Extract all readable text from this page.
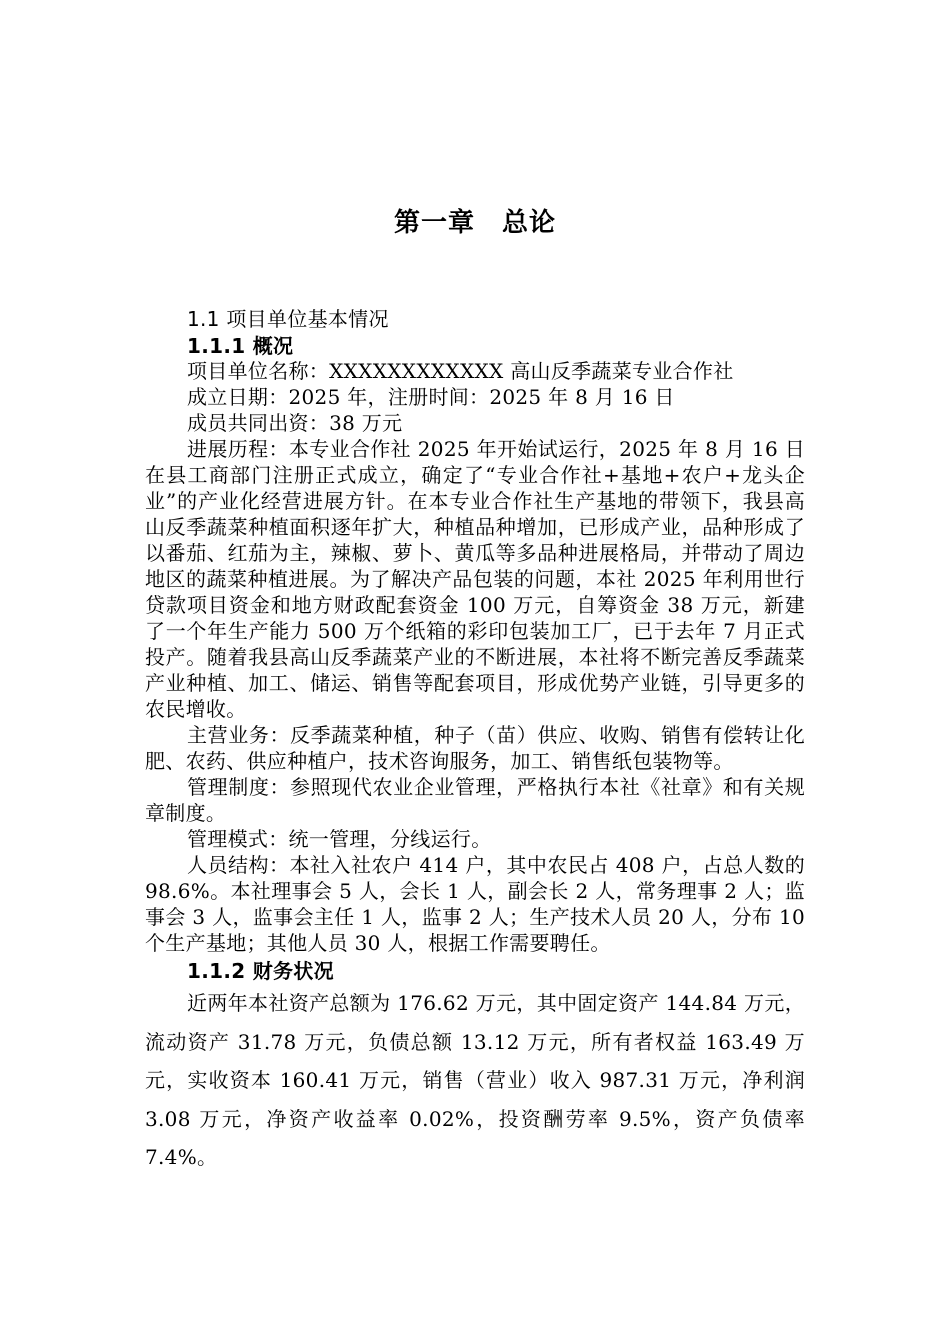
第一章　总论

1.1 项目单位基本情况

1.1.1 概况

项目单位名称：XXXXXXXXXXXX 高山反季蔬菜专业合作社

成立日期：2025 年，注册时间：2025 年 8 月 16 日

成员共同出资：38 万元

进展历程：本专业合作社 2025 年开始试运行，2025 年 8 月 16 日在县工商部门注册正式成立，确定了“专业合作社+基地+农户+龙头企业”的产业化经营进展方针。在本专业合作社生产基地的带领下，我县高山反季蔬菜种植面积逐年扩大，种植品种增加，已形成产业，品种形成了以番茄、红茄为主，辣椒、萝卜、黄瓜等多品种进展格局，并带动了周边地区的蔬菜种植进展。为了解决产品包装的问题，本社 2025 年利用世行贷款项目资金和地方财政配套资金 100 万元，自筹资金 38 万元，新建了一个年生产能力 500 万个纸箱的彩印包装加工厂，已于去年 7 月正式投产。随着我县高山反季蔬菜产业的不断进展，本社将不断完善反季蔬菜产业种植、加工、储运、销售等配套项目，形成优势产业链，引导更多的农民增收。

主营业务：反季蔬菜种植，种子（苗）供应、收购、销售有偿转让化肥、农药、供应种植户，技术咨询服务，加工、销售纸包装物等。

管理制度：参照现代农业企业管理，严格执行本社《社章》和有关规章制度。

管理模式：统一管理，分线运行。

人员结构：本社入社农户 414 户，其中农民占 408 户，占总人数的 98.6%。本社理事会 5 人，会长 1 人，副会长 2 人，常务理事 2 人；监事会 3 人，监事会主任 1 人，监事 2 人；生产技术人员 20 人，分布 10 个生产基地；其他人员 30 人，根据工作需要聘任。

1.1.2 财务状况

近两年本社资产总额为 176.62 万元，其中固定资产 144.84 万元，流动资产 31.78 万元，负债总额 13.12 万元，所有者权益 163.49 万元，实收资本 160.41 万元，销售（营业）收入 987.31 万元，净利润 3.08 万元，净资产收益率 0.02%，投资酬劳率 9.5%，资产负债率 7.4%。
